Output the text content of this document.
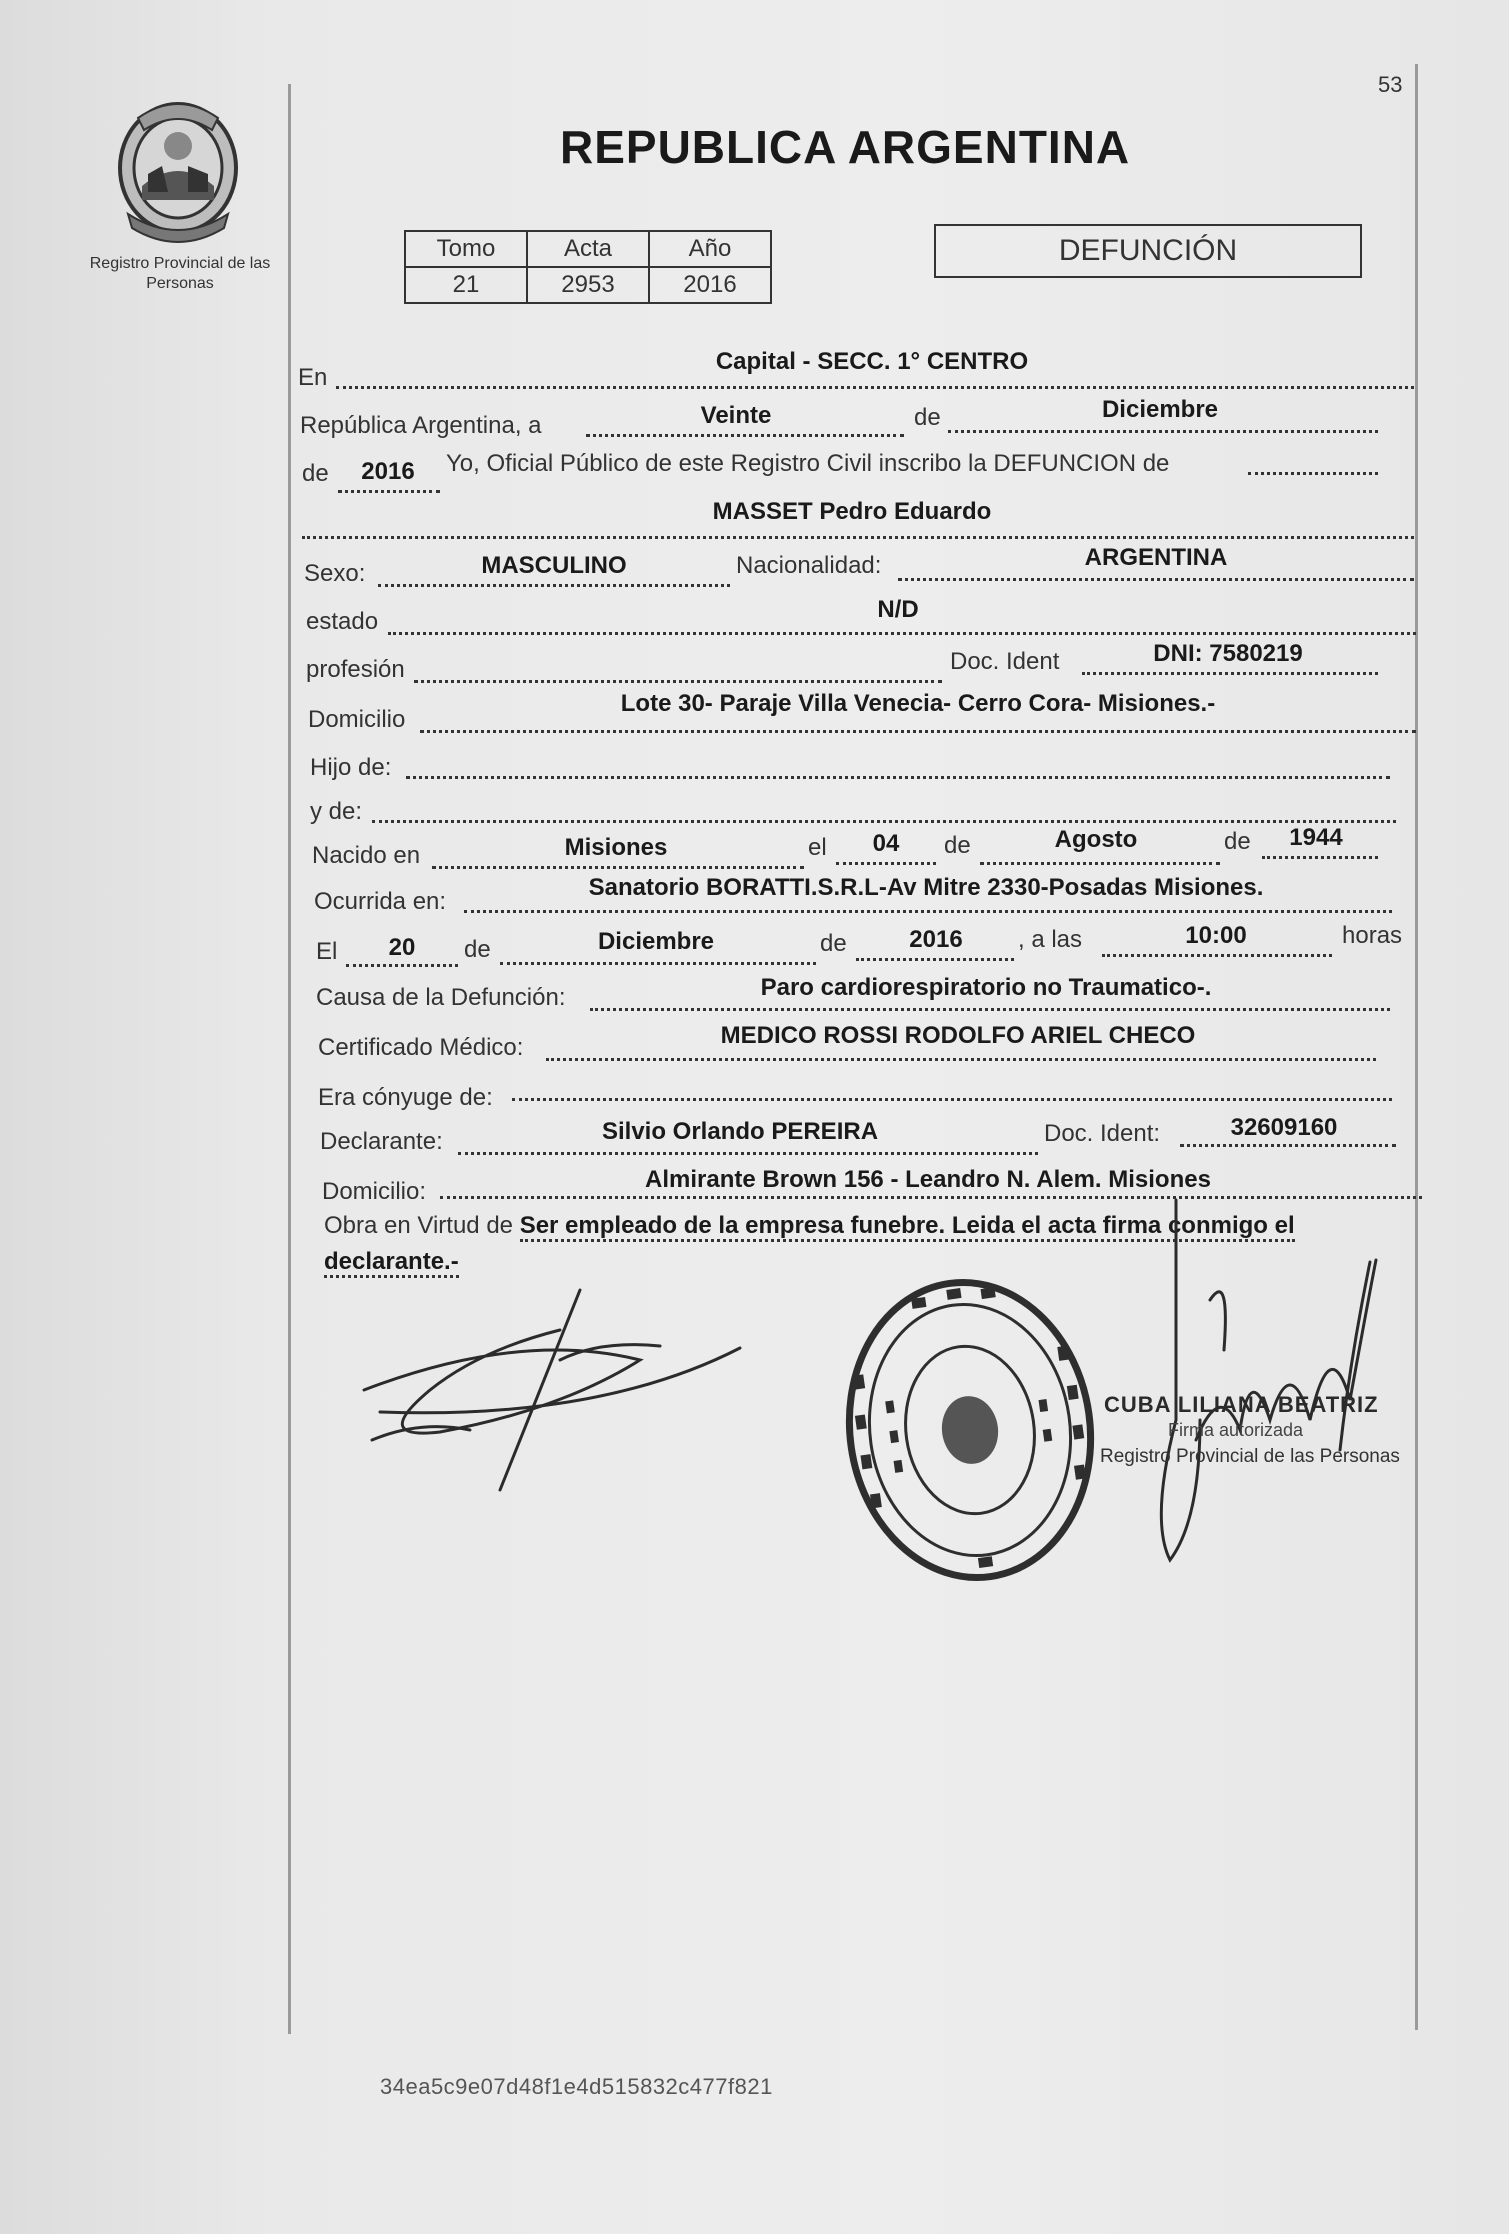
53
Registro Provincial de las Personas
REPUBLICA ARGENTINA
Tomo	Acta	Año
21	2953	2016
DEFUNCIÓN
En
Capital - SECC. 1° CENTRO
República Argentina, a	Veinte	de	Diciembre
de 2016 Yo, Oficial Público de este Registro Civil inscribo la DEFUNCION de
MASSET Pedro Eduardo
Sexo:	MASCULINO	Nacionalidad:	ARGENTINA
estado	N/D
profesión	Doc. Ident	DNI: 7580219
Domicilio
Lote 30- Paraje Villa Venecia- Cerro Cora- Misiones.-
Hijo de:
y de:
Nacido en	Misiones	el 04 de	Agosto	de 1944
Ocurrida en:
Sanatorio BORATTI.S.R.L-Av Mitre 2330-Posadas Misiones.
El 20 de	Diciembre	de	2016 , a las	10:00	horas
Causa de la Defunción:	Paro cardiorespiratorio no Traumatico-.
Certificado Médico:	MEDICO ROSSI RODOLFO ARIEL CHECO
Era cónyuge de:
Declarante:	Silvio Orlando PEREIRA	Doc. Ident:	32609160
Domicilio:	Almirante Brown 156 - Leandro N. Alem. Misiones
Obra en Virtud de Ser empleado de la empresa funebre. Leida el acta firma conmigo el declarante.-
CUBA LILIANA BEATRIZ
Firma autorizada
Registro Provincial de las Personas
34ea5c9e07d48f1e4d515832c477f821
